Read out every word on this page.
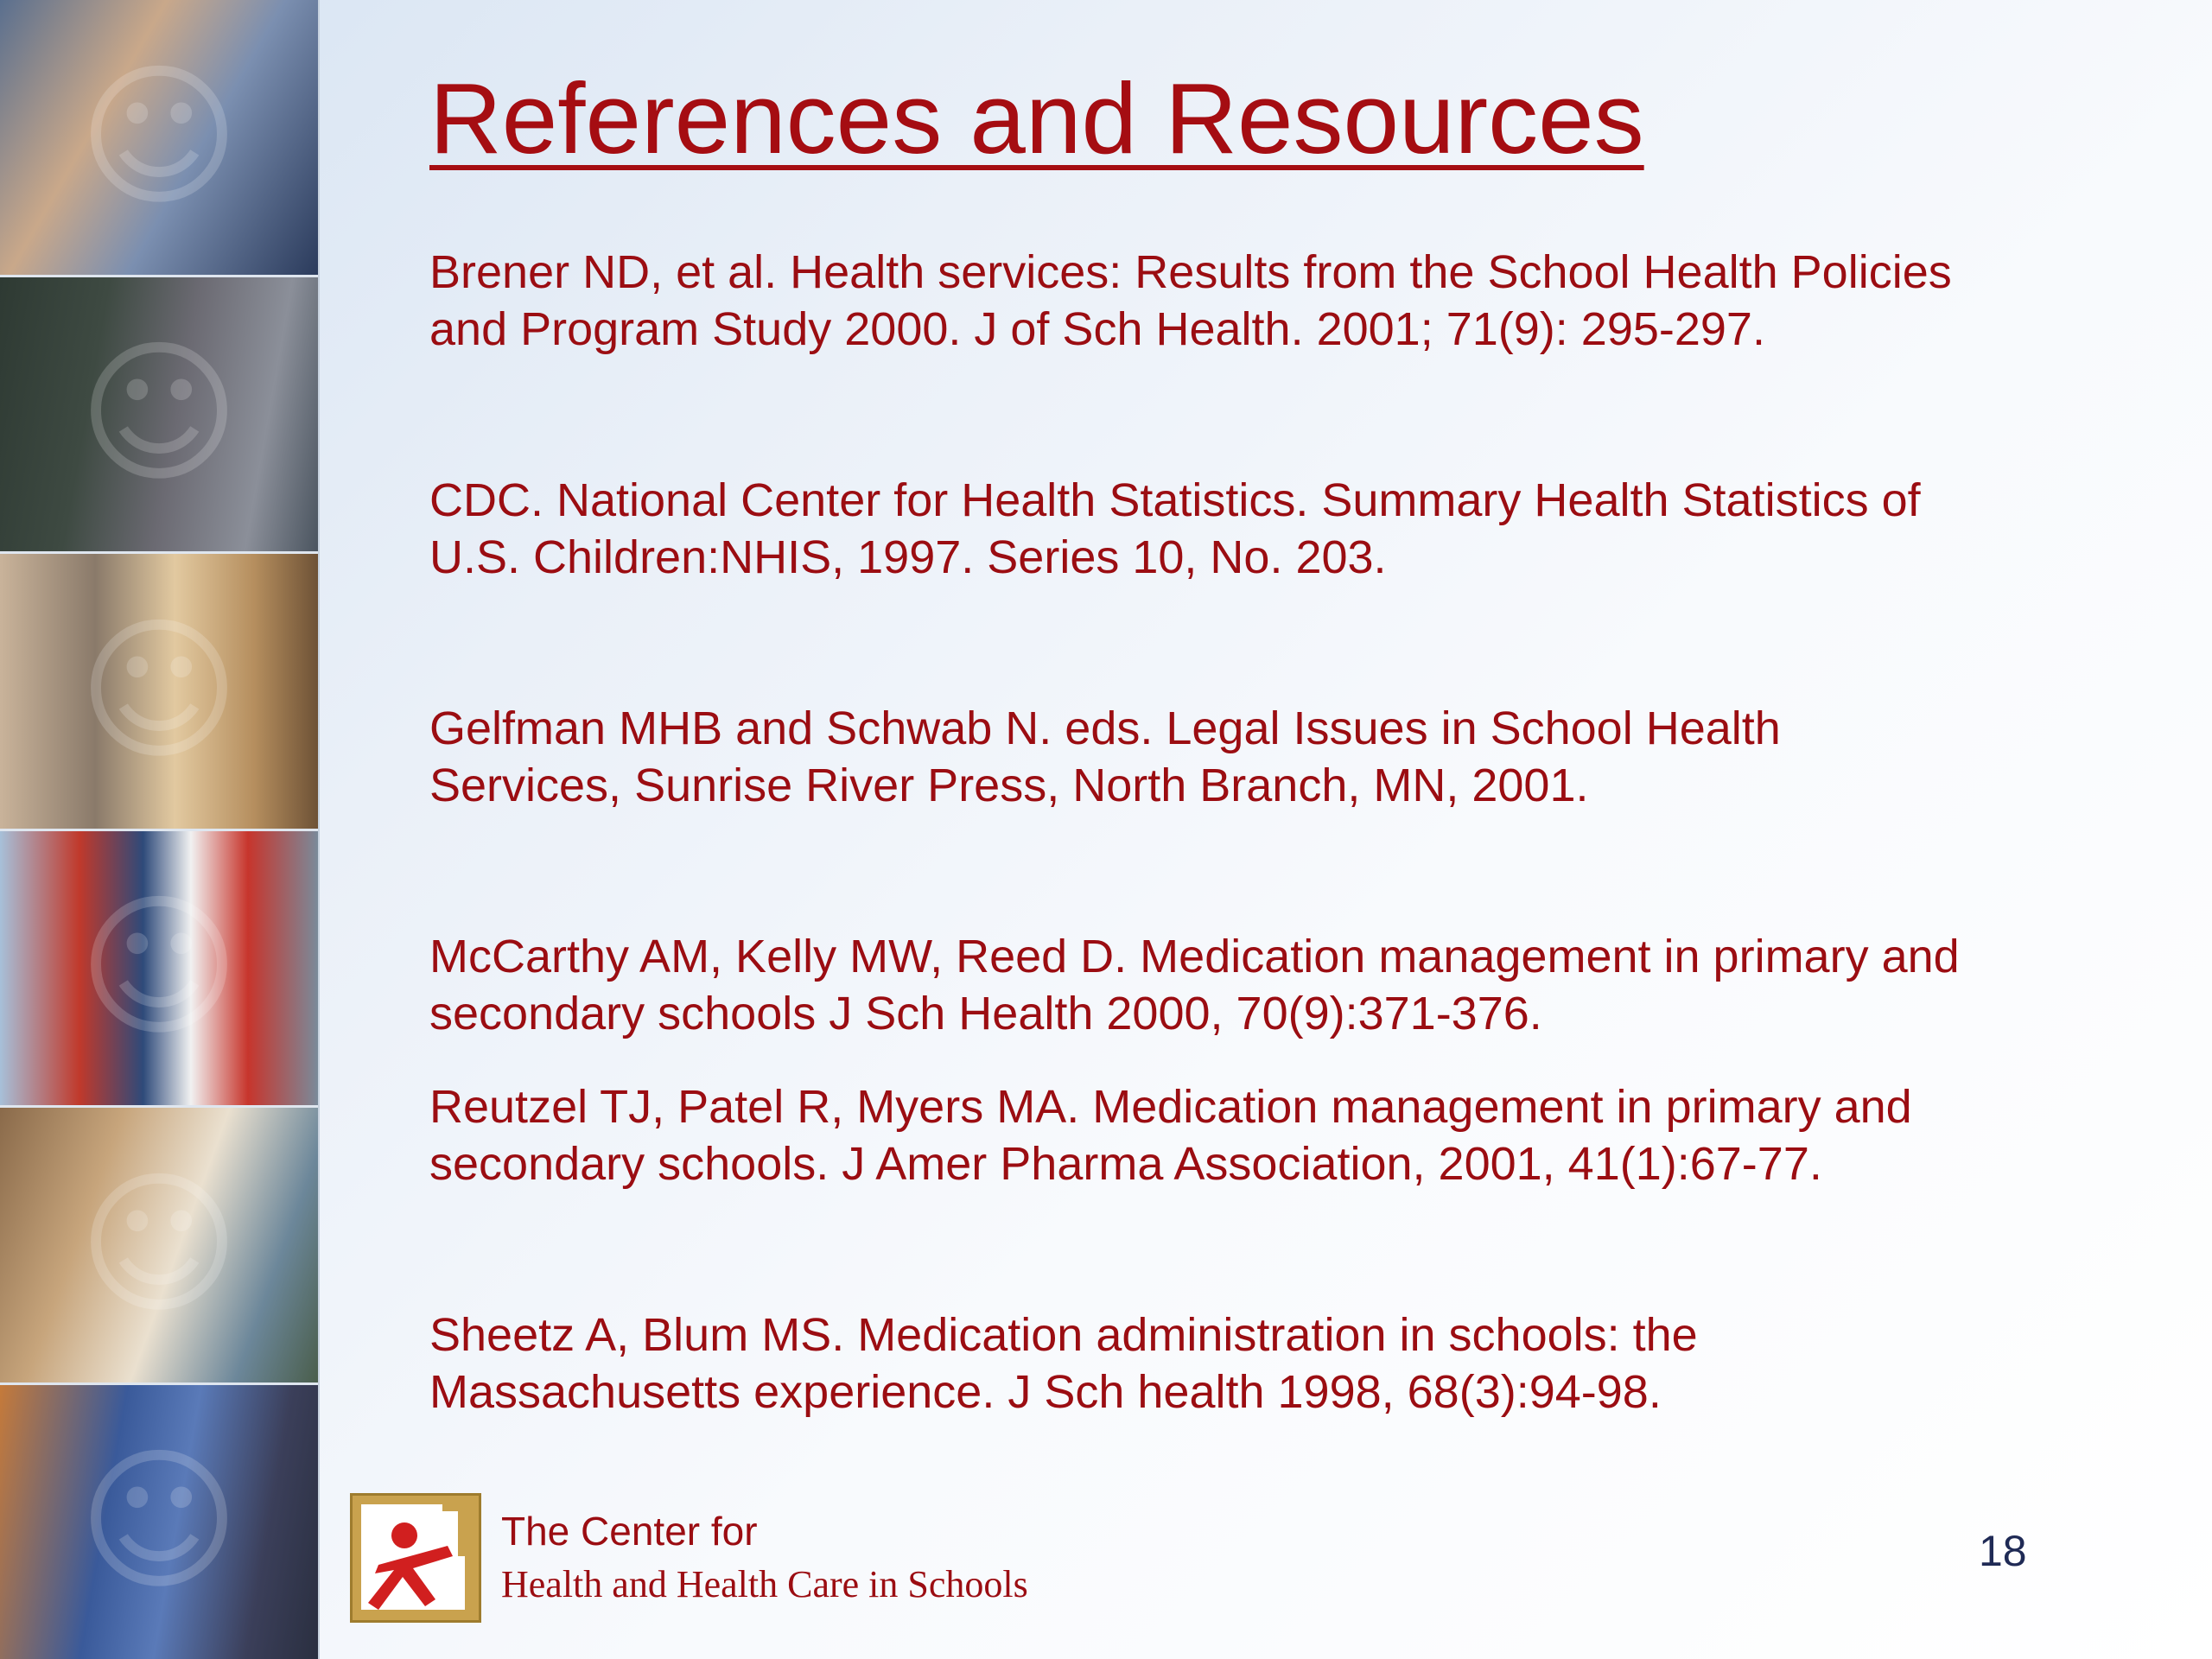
☺
☺
☺
☺
☺
☺
References and Resources
Brener ND, et al. Health services: Results from the School Health Policies and Program Study 2000. J of Sch Health. 2001; 71(9): 295-297.
CDC. National Center for Health Statistics. Summary Health Statistics of U.S. Children:NHIS, 1997. Series 10, No. 203.
Gelfman MHB and Schwab N. eds. Legal Issues in School Health Services, Sunrise River Press, North Branch, MN, 2001.
McCarthy AM, Kelly MW, Reed D. Medication management in primary and secondary schools J Sch Health 2000, 70(9):371-376.
Reutzel TJ, Patel R, Myers MA. Medication management in primary and secondary schools. J Amer Pharma Association, 2001, 41(1):67-77.
Sheetz A, Blum MS. Medication administration in schools: the Massachusetts experience. J Sch health 1998, 68(3):94-98.
The Center for
Health and Health Care in Schools
18
